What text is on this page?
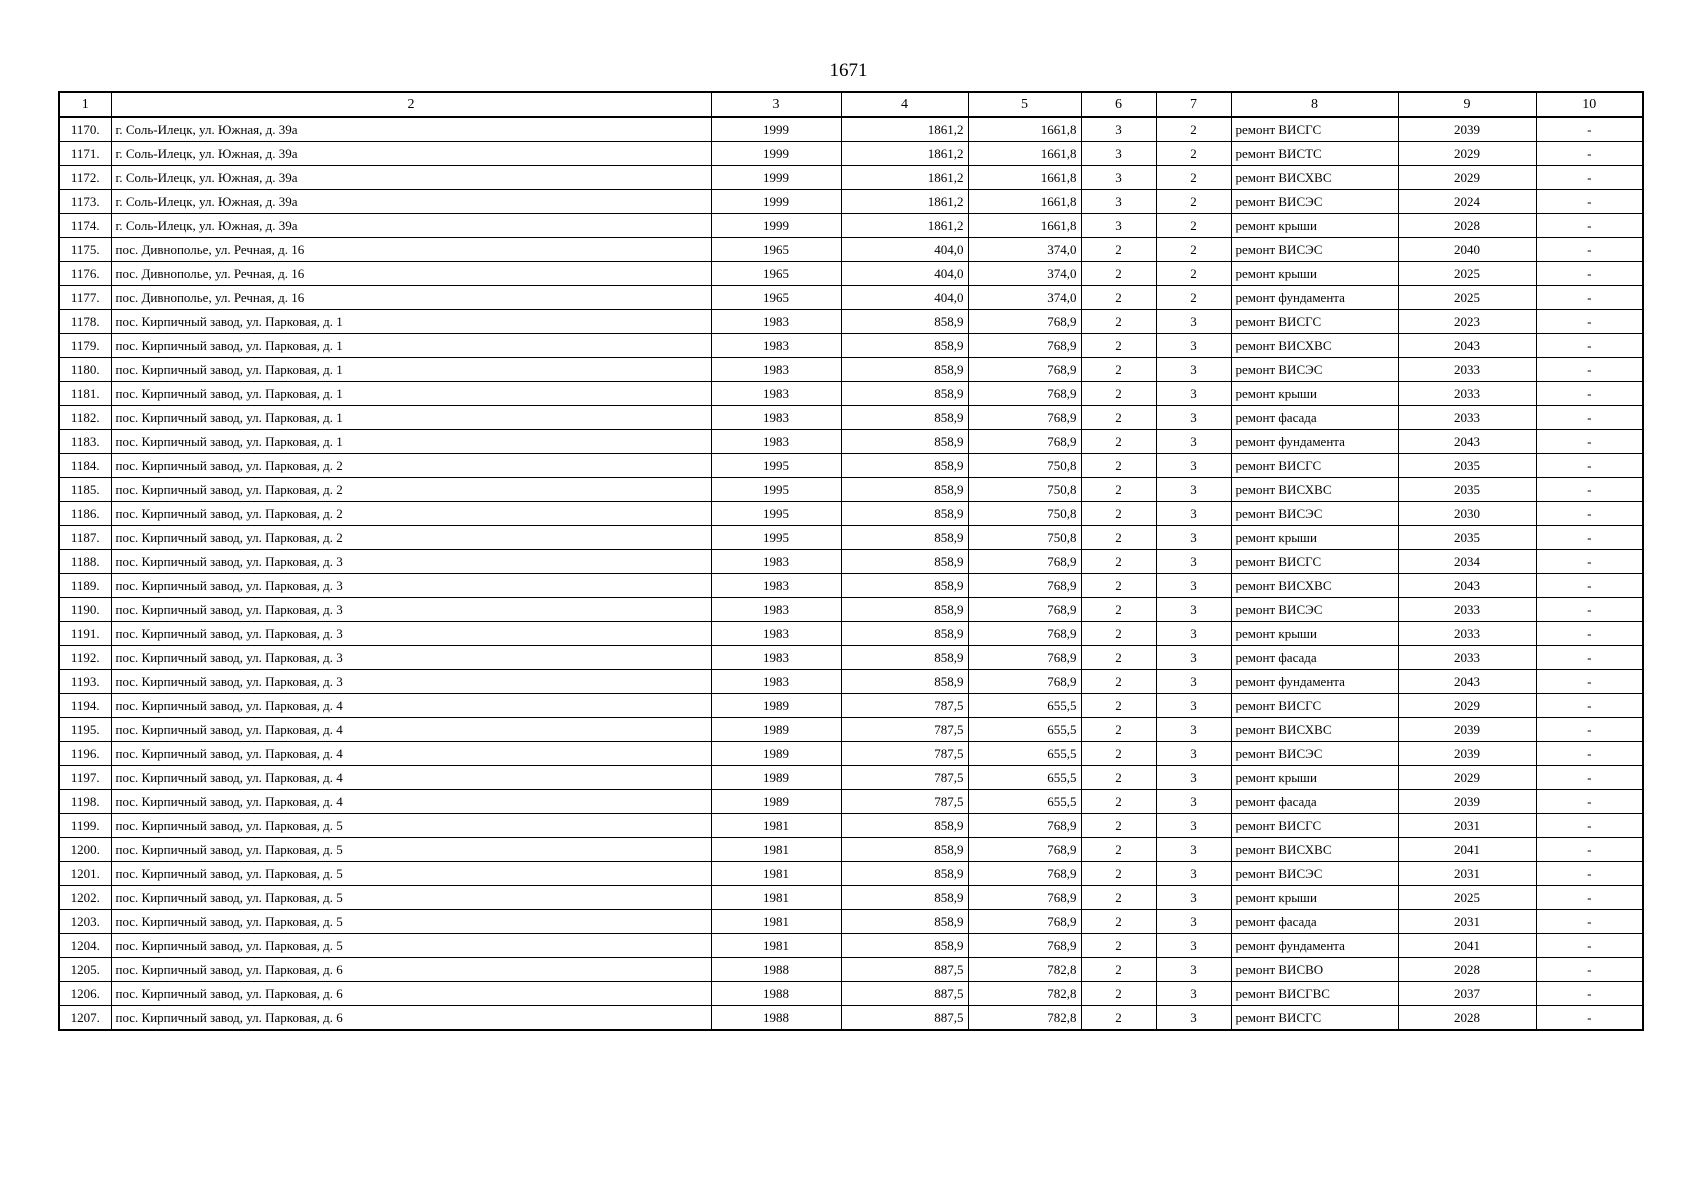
1671
1	2	3	4	5	6	7	8	9	10
1170.	г. Соль-Илецк, ул. Южная, д. 39а	1999	1861,2	1661,8	3	2	ремонт ВИСГС	2039	-
1171.	г. Соль-Илецк, ул. Южная, д. 39а	1999	1861,2	1661,8	3	2	ремонт ВИСТС	2029	-
1172.	г. Соль-Илецк, ул. Южная, д. 39а	1999	1861,2	1661,8	3	2	ремонт ВИСХВС	2029	-
1173.	г. Соль-Илецк, ул. Южная, д. 39а	1999	1861,2	1661,8	3	2	ремонт ВИСЭС	2024	-
1174.	г. Соль-Илецк, ул. Южная, д. 39а	1999	1861,2	1661,8	3	2	ремонт крыши	2028	-
1175.	пос. Дивнополье, ул. Речная, д. 16	1965	404,0	374,0	2	2	ремонт ВИСЭС	2040	-
1176.	пос. Дивнополье, ул. Речная, д. 16	1965	404,0	374,0	2	2	ремонт крыши	2025	-
1177.	пос. Дивнополье, ул. Речная, д. 16	1965	404,0	374,0	2	2	ремонт фундамента	2025	-
1178.	пос. Кирпичный завод, ул. Парковая, д. 1	1983	858,9	768,9	2	3	ремонт ВИСГС	2023	-
1179.	пос. Кирпичный завод, ул. Парковая, д. 1	1983	858,9	768,9	2	3	ремонт ВИСХВС	2043	-
1180.	пос. Кирпичный завод, ул. Парковая, д. 1	1983	858,9	768,9	2	3	ремонт ВИСЭС	2033	-
1181.	пос. Кирпичный завод, ул. Парковая, д. 1	1983	858,9	768,9	2	3	ремонт крыши	2033	-
1182.	пос. Кирпичный завод, ул. Парковая, д. 1	1983	858,9	768,9	2	3	ремонт фасада	2033	-
1183.	пос. Кирпичный завод, ул. Парковая, д. 1	1983	858,9	768,9	2	3	ремонт фундамента	2043	-
1184.	пос. Кирпичный завод, ул. Парковая, д. 2	1995	858,9	750,8	2	3	ремонт ВИСГС	2035	-
1185.	пос. Кирпичный завод, ул. Парковая, д. 2	1995	858,9	750,8	2	3	ремонт ВИСХВС	2035	-
1186.	пос. Кирпичный завод, ул. Парковая, д. 2	1995	858,9	750,8	2	3	ремонт ВИСЭС	2030	-
1187.	пос. Кирпичный завод, ул. Парковая, д. 2	1995	858,9	750,8	2	3	ремонт крыши	2035	-
1188.	пос. Кирпичный завод, ул. Парковая, д. 3	1983	858,9	768,9	2	3	ремонт ВИСГС	2034	-
1189.	пос. Кирпичный завод, ул. Парковая, д. 3	1983	858,9	768,9	2	3	ремонт ВИСХВС	2043	-
1190.	пос. Кирпичный завод, ул. Парковая, д. 3	1983	858,9	768,9	2	3	ремонт ВИСЭС	2033	-
1191.	пос. Кирпичный завод, ул. Парковая, д. 3	1983	858,9	768,9	2	3	ремонт крыши	2033	-
1192.	пос. Кирпичный завод, ул. Парковая, д. 3	1983	858,9	768,9	2	3	ремонт фасада	2033	-
1193.	пос. Кирпичный завод, ул. Парковая, д. 3	1983	858,9	768,9	2	3	ремонт фундамента	2043	-
1194.	пос. Кирпичный завод, ул. Парковая, д. 4	1989	787,5	655,5	2	3	ремонт ВИСГС	2029	-
1195.	пос. Кирпичный завод, ул. Парковая, д. 4	1989	787,5	655,5	2	3	ремонт ВИСХВС	2039	-
1196.	пос. Кирпичный завод, ул. Парковая, д. 4	1989	787,5	655,5	2	3	ремонт ВИСЭС	2039	-
1197.	пос. Кирпичный завод, ул. Парковая, д. 4	1989	787,5	655,5	2	3	ремонт крыши	2029	-
1198.	пос. Кирпичный завод, ул. Парковая, д. 4	1989	787,5	655,5	2	3	ремонт фасада	2039	-
1199.	пос. Кирпичный завод, ул. Парковая, д. 5	1981	858,9	768,9	2	3	ремонт ВИСГС	2031	-
1200.	пос. Кирпичный завод, ул. Парковая, д. 5	1981	858,9	768,9	2	3	ремонт ВИСХВС	2041	-
1201.	пос. Кирпичный завод, ул. Парковая, д. 5	1981	858,9	768,9	2	3	ремонт ВИСЭС	2031	-
1202.	пос. Кирпичный завод, ул. Парковая, д. 5	1981	858,9	768,9	2	3	ремонт крыши	2025	-
1203.	пос. Кирпичный завод, ул. Парковая, д. 5	1981	858,9	768,9	2	3	ремонт фасада	2031	-
1204.	пос. Кирпичный завод, ул. Парковая, д. 5	1981	858,9	768,9	2	3	ремонт фундамента	2041	-
1205.	пос. Кирпичный завод, ул. Парковая, д. 6	1988	887,5	782,8	2	3	ремонт ВИСВО	2028	-
1206.	пос. Кирпичный завод, ул. Парковая, д. 6	1988	887,5	782,8	2	3	ремонт ВИСГВС	2037	-
1207.	пос. Кирпичный завод, ул. Парковая, д. 6	1988	887,5	782,8	2	3	ремонт ВИСГС	2028	-
